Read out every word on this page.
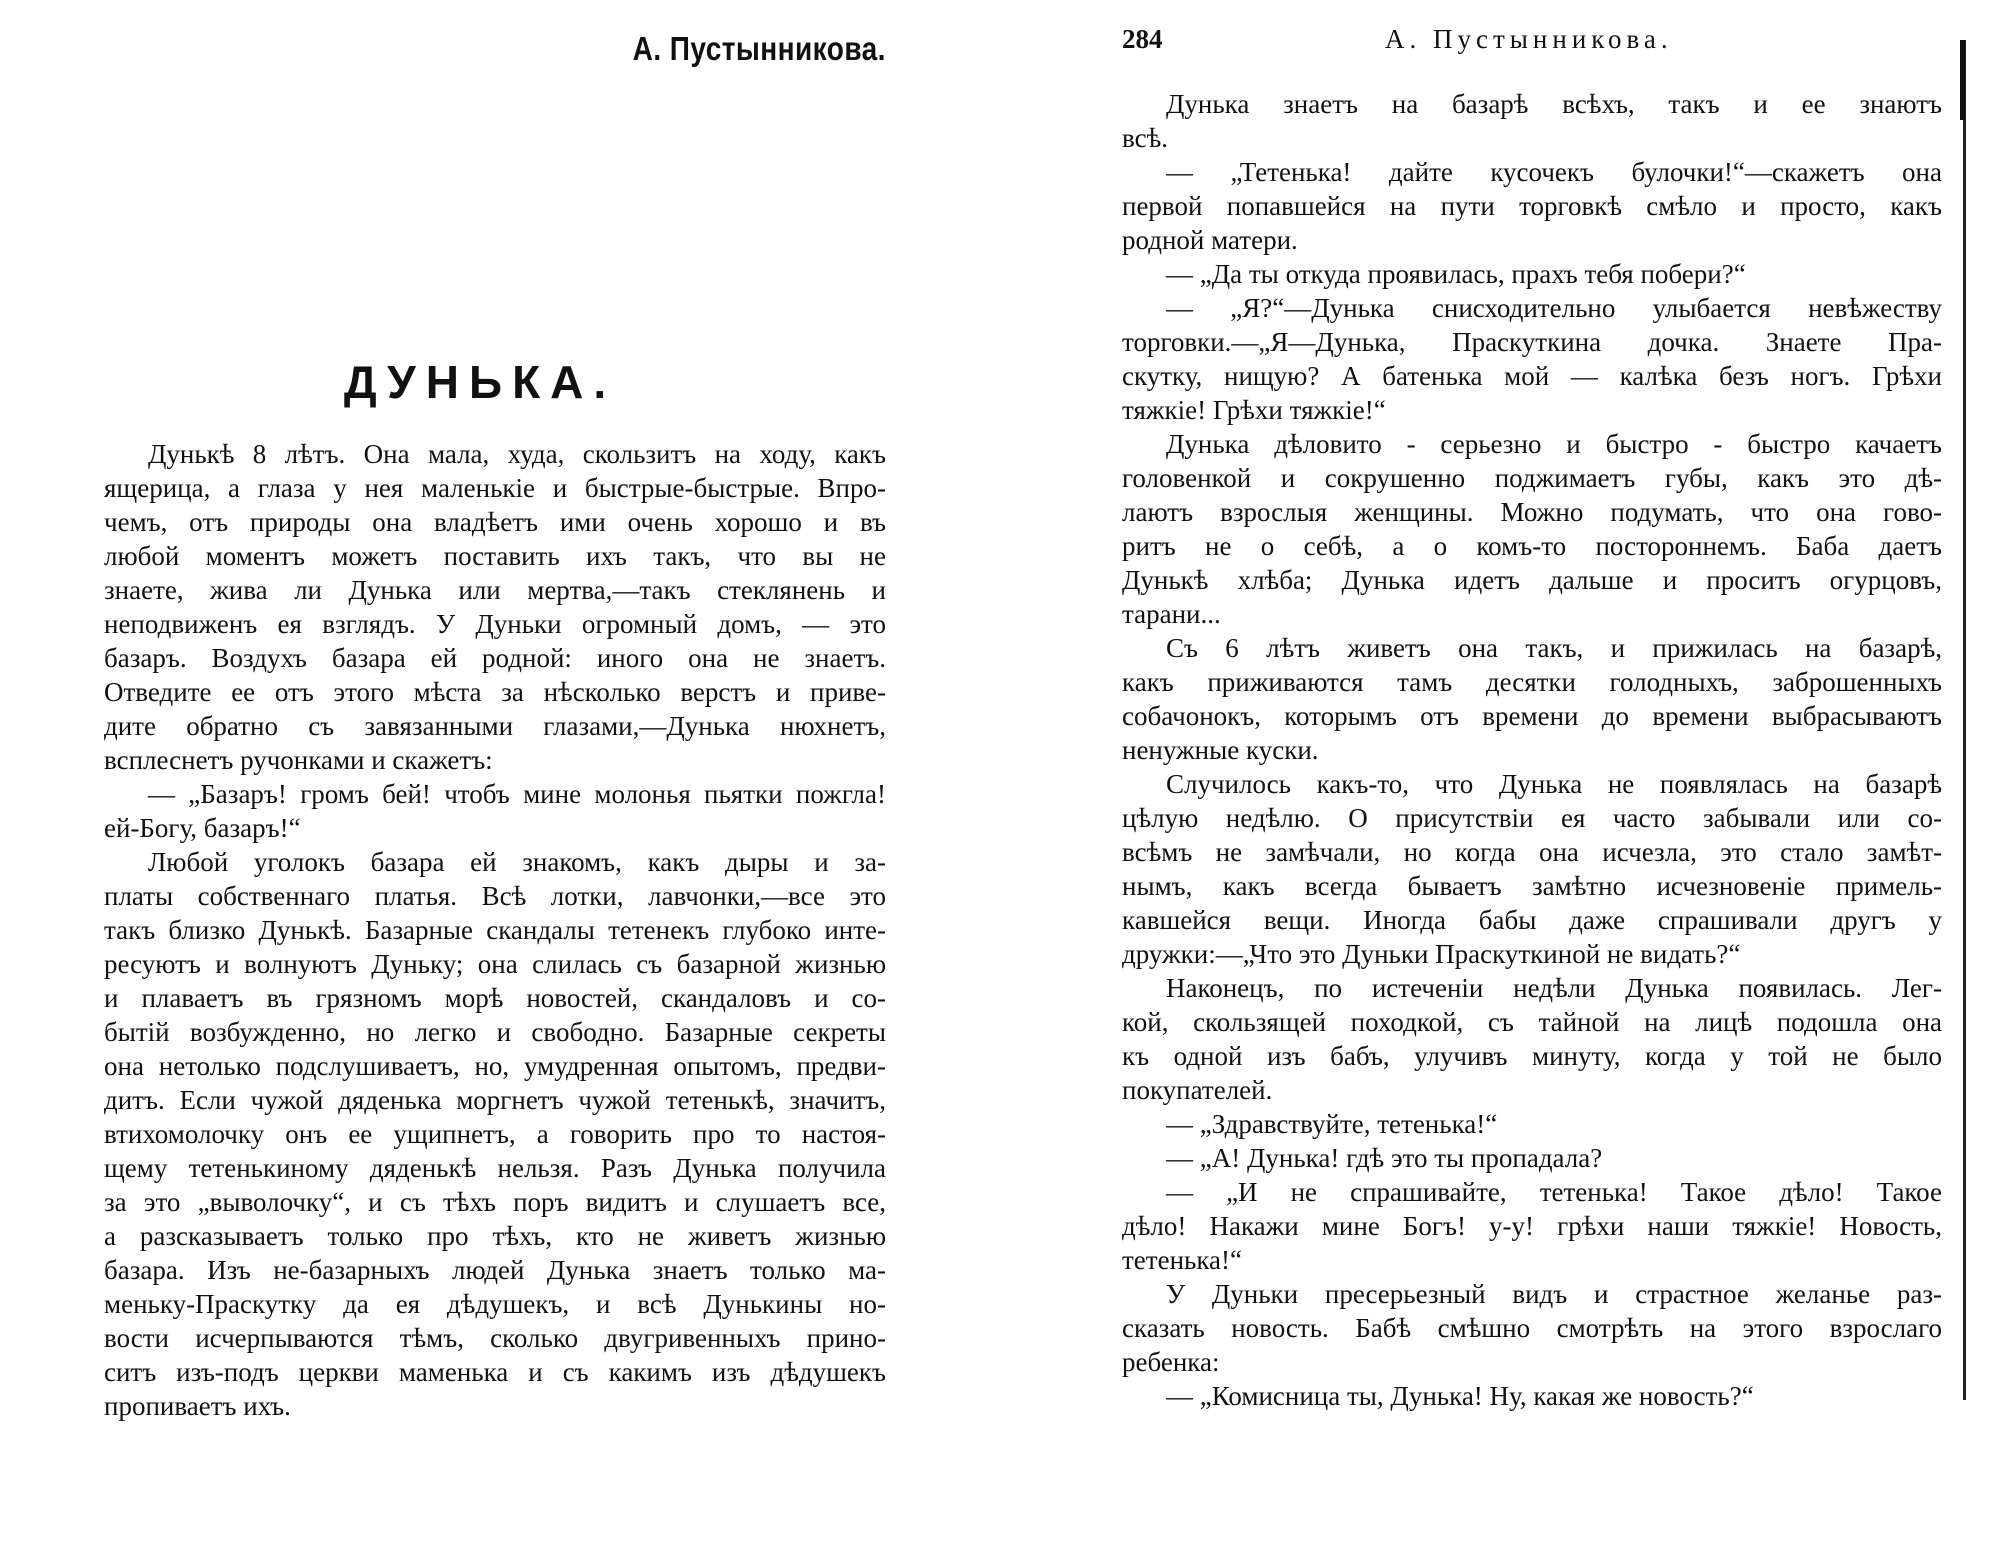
А. Пустынникова.
ДУНЬКА.
Дунькѣ 8 лѣтъ. Она мала, худа, скользитъ на ходу, какъ
ящерица, а глаза у нея маленькіе и быстрые-быстрые. Впро-
чемъ, отъ природы она владѣетъ ими очень хорошо и въ
любой моментъ можетъ поставить ихъ такъ, что вы не
знаете, жива ли Дунька или мертва,—такъ стеклянень и
неподвиженъ ея взглядъ. У Дуньки огромный домъ, — это
базаръ. Воздухъ базара ей родной: иного она не знаетъ.
Отведите ее отъ этого мѣста за нѣсколько верстъ и приве-
дите обратно съ завязанными глазами,—Дунька нюхнетъ,
всплеснетъ ручонками и скажетъ:
— „Базаръ! громъ бей! чтобъ мине молонья пьятки пожгла!
ей-Богу, базаръ!“
Любой уголокъ базара ей знакомъ, какъ дыры и за-
платы собственнаго платья. Всѣ лотки, лавчонки,—все это
такъ близко Дунькѣ. Базарные скандалы тетенекъ глубоко инте-
ресуютъ и волнуютъ Дуньку; она слилась съ базарной жизнью
и плаваетъ въ грязномъ морѣ новостей, скандаловъ и со-
бытій возбужденно, но легко и свободно. Базарные секреты
она нетолько подслушиваетъ, но, умудренная опытомъ, предви-
дитъ. Если чужой дяденька моргнетъ чужой тетенькѣ, значитъ,
втихомолочку онъ ее ущипнетъ, а говорить про то настоя-
щему тетенькиному дяденькѣ нельзя. Разъ Дунька получила
за это „выволочку“, и съ тѣхъ поръ видитъ и слушаетъ все,
а разсказываетъ только про тѣхъ, кто не живетъ жизнью
базара. Изъ не-базарныхъ людей Дунька знаетъ только ма-
меньку-Праскутку да ея дѣдушекъ, и всѣ Дунькины но-
вости исчерпываются тѣмъ, сколько двугривенныхъ прино-
ситъ изъ-подъ церкви маменька и съ какимъ изъ дѣдушекъ
пропиваетъ ихъ.
284	А. Пустынникова.
Дунька знаетъ на базарѣ всѣхъ, такъ и ее знаютъ
всѣ.
— „Тетенька! дайте кусочекъ булочки!“—скажетъ она
первой попавшейся на пути торговкѣ смѣло и просто, какъ
родной матери.
— „Да ты откуда проявилась, прахъ тебя побери?“
— „Я?“—Дунька снисходительно улыбается невѣжеству
торговки.—„Я—Дунька, Праскуткина дочка. Знаете Пра-
скутку, нищую? А батенька мой — калѣка безъ ногъ. Грѣхи
тяжкіе! Грѣхи тяжкіе!“
Дунька дѣловито - серьезно и быстро - быстро качаетъ
головенкой и сокрушенно поджимаетъ губы, какъ это дѣ-
лаютъ взрослыя женщины. Можно подумать, что она гово-
ритъ не о себѣ, а о комъ-то постороннемъ. Баба даетъ
Дунькѣ хлѣба; Дунька идетъ дальше и проситъ огурцовъ,
тарани...
Съ 6 лѣтъ живетъ она такъ, и прижилась на базарѣ,
какъ приживаются тамъ десятки голодныхъ, заброшенныхъ
собачонокъ, которымъ отъ времени до времени выбрасываютъ
ненужные куски.
Случилось какъ-то, что Дунька не появлялась на базарѣ
цѣлую недѣлю. О присутствіи ея часто забывали или со-
всѣмъ не замѣчали, но когда она исчезла, это стало замѣт-
нымъ, какъ всегда бываетъ замѣтно исчезновеніе примель-
кавшейся вещи. Иногда бабы даже спрашивали другъ у
дружки:—„Что это Дуньки Праскуткиной не видать?“
Наконецъ, по истеченіи недѣли Дунька появилась. Лег-
кой, скользящей походкой, съ тайной на лицѣ подошла она
къ одной изъ бабъ, улучивъ минуту, когда у той не было
покупателей.
— „Здравствуйте, тетенька!“
— „А! Дунька! гдѣ это ты пропадала?
— „И не спрашивайте, тетенька! Такое дѣло! Такое
дѣло! Накажи мине Богъ! у-у! грѣхи наши тяжкіе! Новость,
тетенька!“
У Дуньки пресерьезный видъ и страстное желанье раз-
сказать новость. Бабѣ смѣшно смотрѣть на этого взрослаго
ребенка:
— „Комисница ты, Дунька! Ну, какая же новость?“
